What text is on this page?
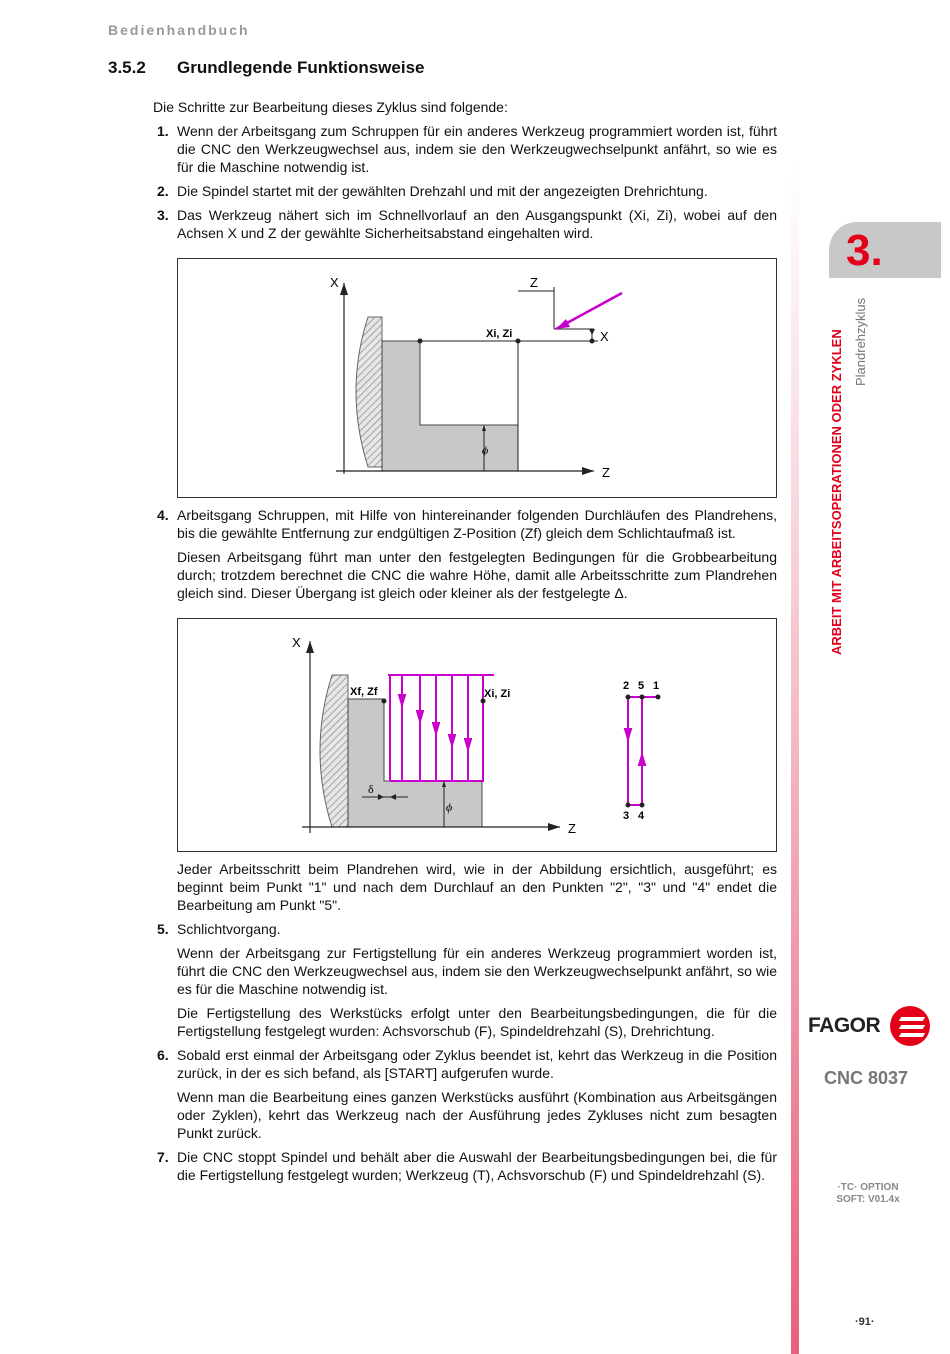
Bedienhandbuch
3.5.2 Grundlegende Funktionsweise

Die Schritte zur Bearbeitung dieses Zyklus sind folgende:

1. Wenn der Arbeitsgang zum Schruppen für ein anderes Werkzeug programmiert worden ist, führt die CNC den Werkzeugwechsel aus, indem sie den Werkzeugwechselpunkt anfährt, so wie es für die Maschine notwendig ist.

2. Die Spindel startet mit der gewählten Drehzahl und mit der angezeigten Drehrichtung.

3. Das Werkzeug nähert sich im Schnellvorlauf an den Ausgangspunkt (Xi, Zi), wobei auf den Achsen X und Z der gewählte Sicherheitsabstand eingehalten wird.

X
Z
Xi, Zi
ϕ
Z
X
4. Arbeitsgang Schruppen, mit Hilfe von hintereinander folgenden Durchläufen des Plandrehens, bis die gewählte Entfernung zur endgültigen Z-Position (Zf) gleich dem Schlichtaufmaß ist.

Diesen Arbeitsgang führt man unter den festgelegten Bedingungen für die Grobbearbeitung durch; trotzdem berechnet die CNC die wahre Höhe, damit alle Arbeitsschritte zum Plandrehen gleich sind. Dieser Übergang ist gleich oder kleiner als der festgelegte Δ.

X
Z
Xf, Zf	Xi, Zi
δ
ϕ
2 5 1
3 4

Jeder Arbeitsschritt beim Plandrehen wird, wie in der Abbildung ersichtlich, ausgeführt; es beginnt beim Punkt "1" und nach dem Durchlauf an den Punkten "2", "3" und "4" endet die Bearbeitung am Punkt "5".

5. Schlichtvorgang.

Wenn der Arbeitsgang zur Fertigstellung für ein anderes Werkzeug programmiert worden ist, führt die CNC den Werkzeugwechsel aus, indem sie den Werkzeugwechselpunkt anfährt, so wie es für die Maschine notwendig ist.

Die Fertigstellung des Werkstücks erfolgt unter den Bearbeitungsbedingungen, die für die Fertigstellung festgelegt wurden: Achsvorschub (F), Spindeldrehzahl (S), Drehrichtung.

6. Sobald erst einmal der Arbeitsgang oder Zyklus beendet ist, kehrt das Werkzeug in die Position zurück, in der es sich befand, als [START] aufgerufen wurde.

Wenn man die Bearbeitung eines ganzen Werkstücks ausführt (Kombination aus Arbeitsgängen oder Zyklen), kehrt das Werkzeug nach der Ausführung jedes Zykluses nicht zum besagten Punkt zurück.

7. Die CNC stoppt Spindel und behält aber die Auswahl der Bearbeitungsbedingungen bei, die für die Fertigstellung festgelegt wurden; Werkzeug (T), Achsvorschub (F) und Spindeldrehzahl (S).

3.
ARBEIT MIT ARBEITSOPERATIONEN ODER ZYKLEN Plandrehzyklus
FAGOR
CNC 8037
·TC· OPTION
SOFT: V01.4x
·91·
